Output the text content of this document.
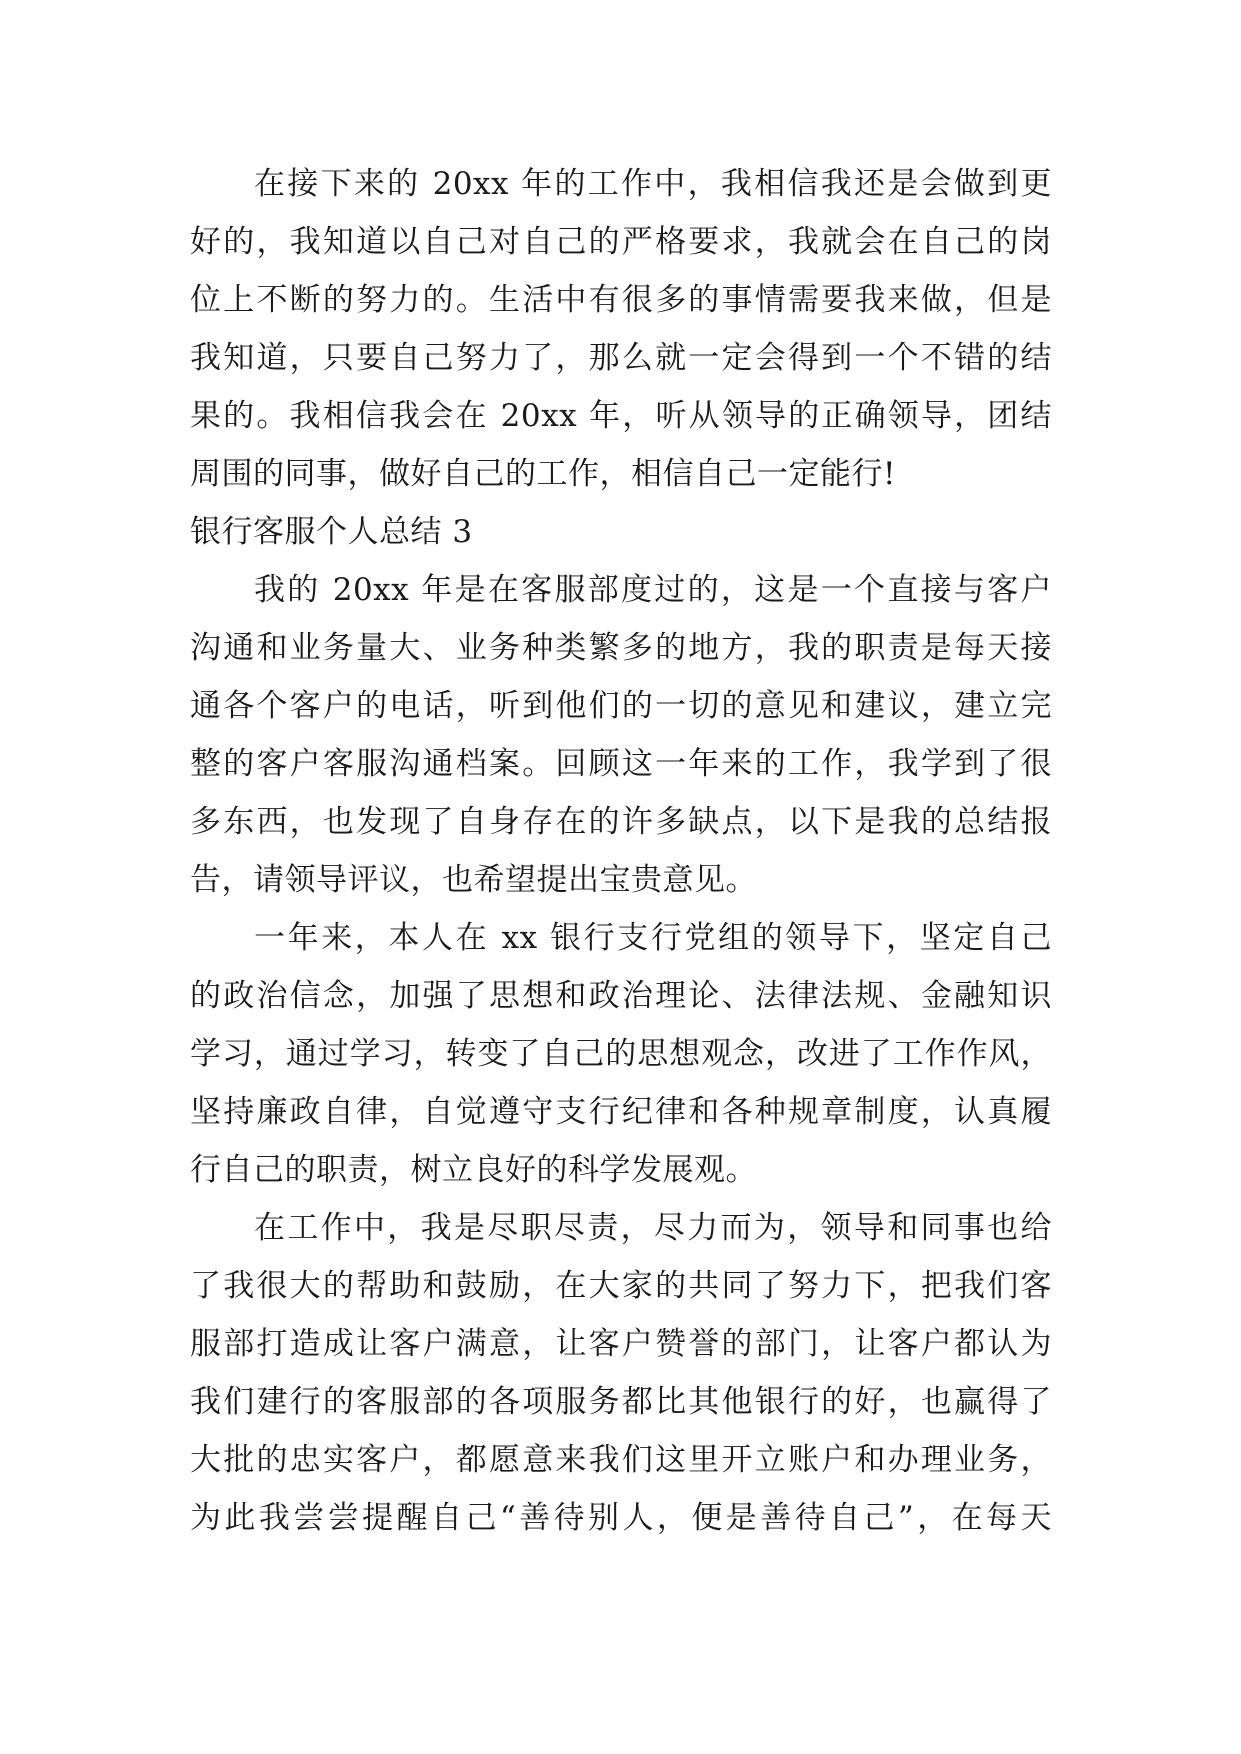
在接下来的 20xx 年的工作中，我相信我还是会做到更
好的，我知道以自己对自己的严格要求，我就会在自己的岗
位上不断的努力的。生活中有很多的事情需要我来做，但是
我知道，只要自己努力了，那么就一定会得到一个不错的结
果的。我相信我会在 20xx 年，听从领导的正确领导，团结
周围的同事，做好自己的工作，相信自己一定能行!
银行客服个人总结 3
我的 20xx 年是在客服部度过的，这是一个直接与客户
沟通和业务量大、业务种类繁多的地方，我的职责是每天接
通各个客户的电话，听到他们的一切的意见和建议，建立完
整的客户客服沟通档案。回顾这一年来的工作，我学到了很
多东西，也发现了自身存在的许多缺点，以下是我的总结报
告，请领导评议，也希望提出宝贵意见。
一年来，本人在 xx 银行支行党组的领导下，坚定自己
的政治信念，加强了思想和政治理论、法律法规、金融知识
学习，通过学习，转变了自己的思想观念，改进了工作作风，
坚持廉政自律，自觉遵守支行纪律和各种规章制度，认真履
行自己的职责，树立良好的科学发展观。
在工作中，我是尽职尽责，尽力而为，领导和同事也给
了我很大的帮助和鼓励，在大家的共同了努力下，把我们客
服部打造成让客户满意，让客户赞誉的部门，让客户都认为
我们建行的客服部的各项服务都比其他银行的好，也赢得了
大批的忠实客户，都愿意来我们这里开立账户和办理业务，
为此我尝尝提醒自己“善待别人，便是善待自己”，在每天
